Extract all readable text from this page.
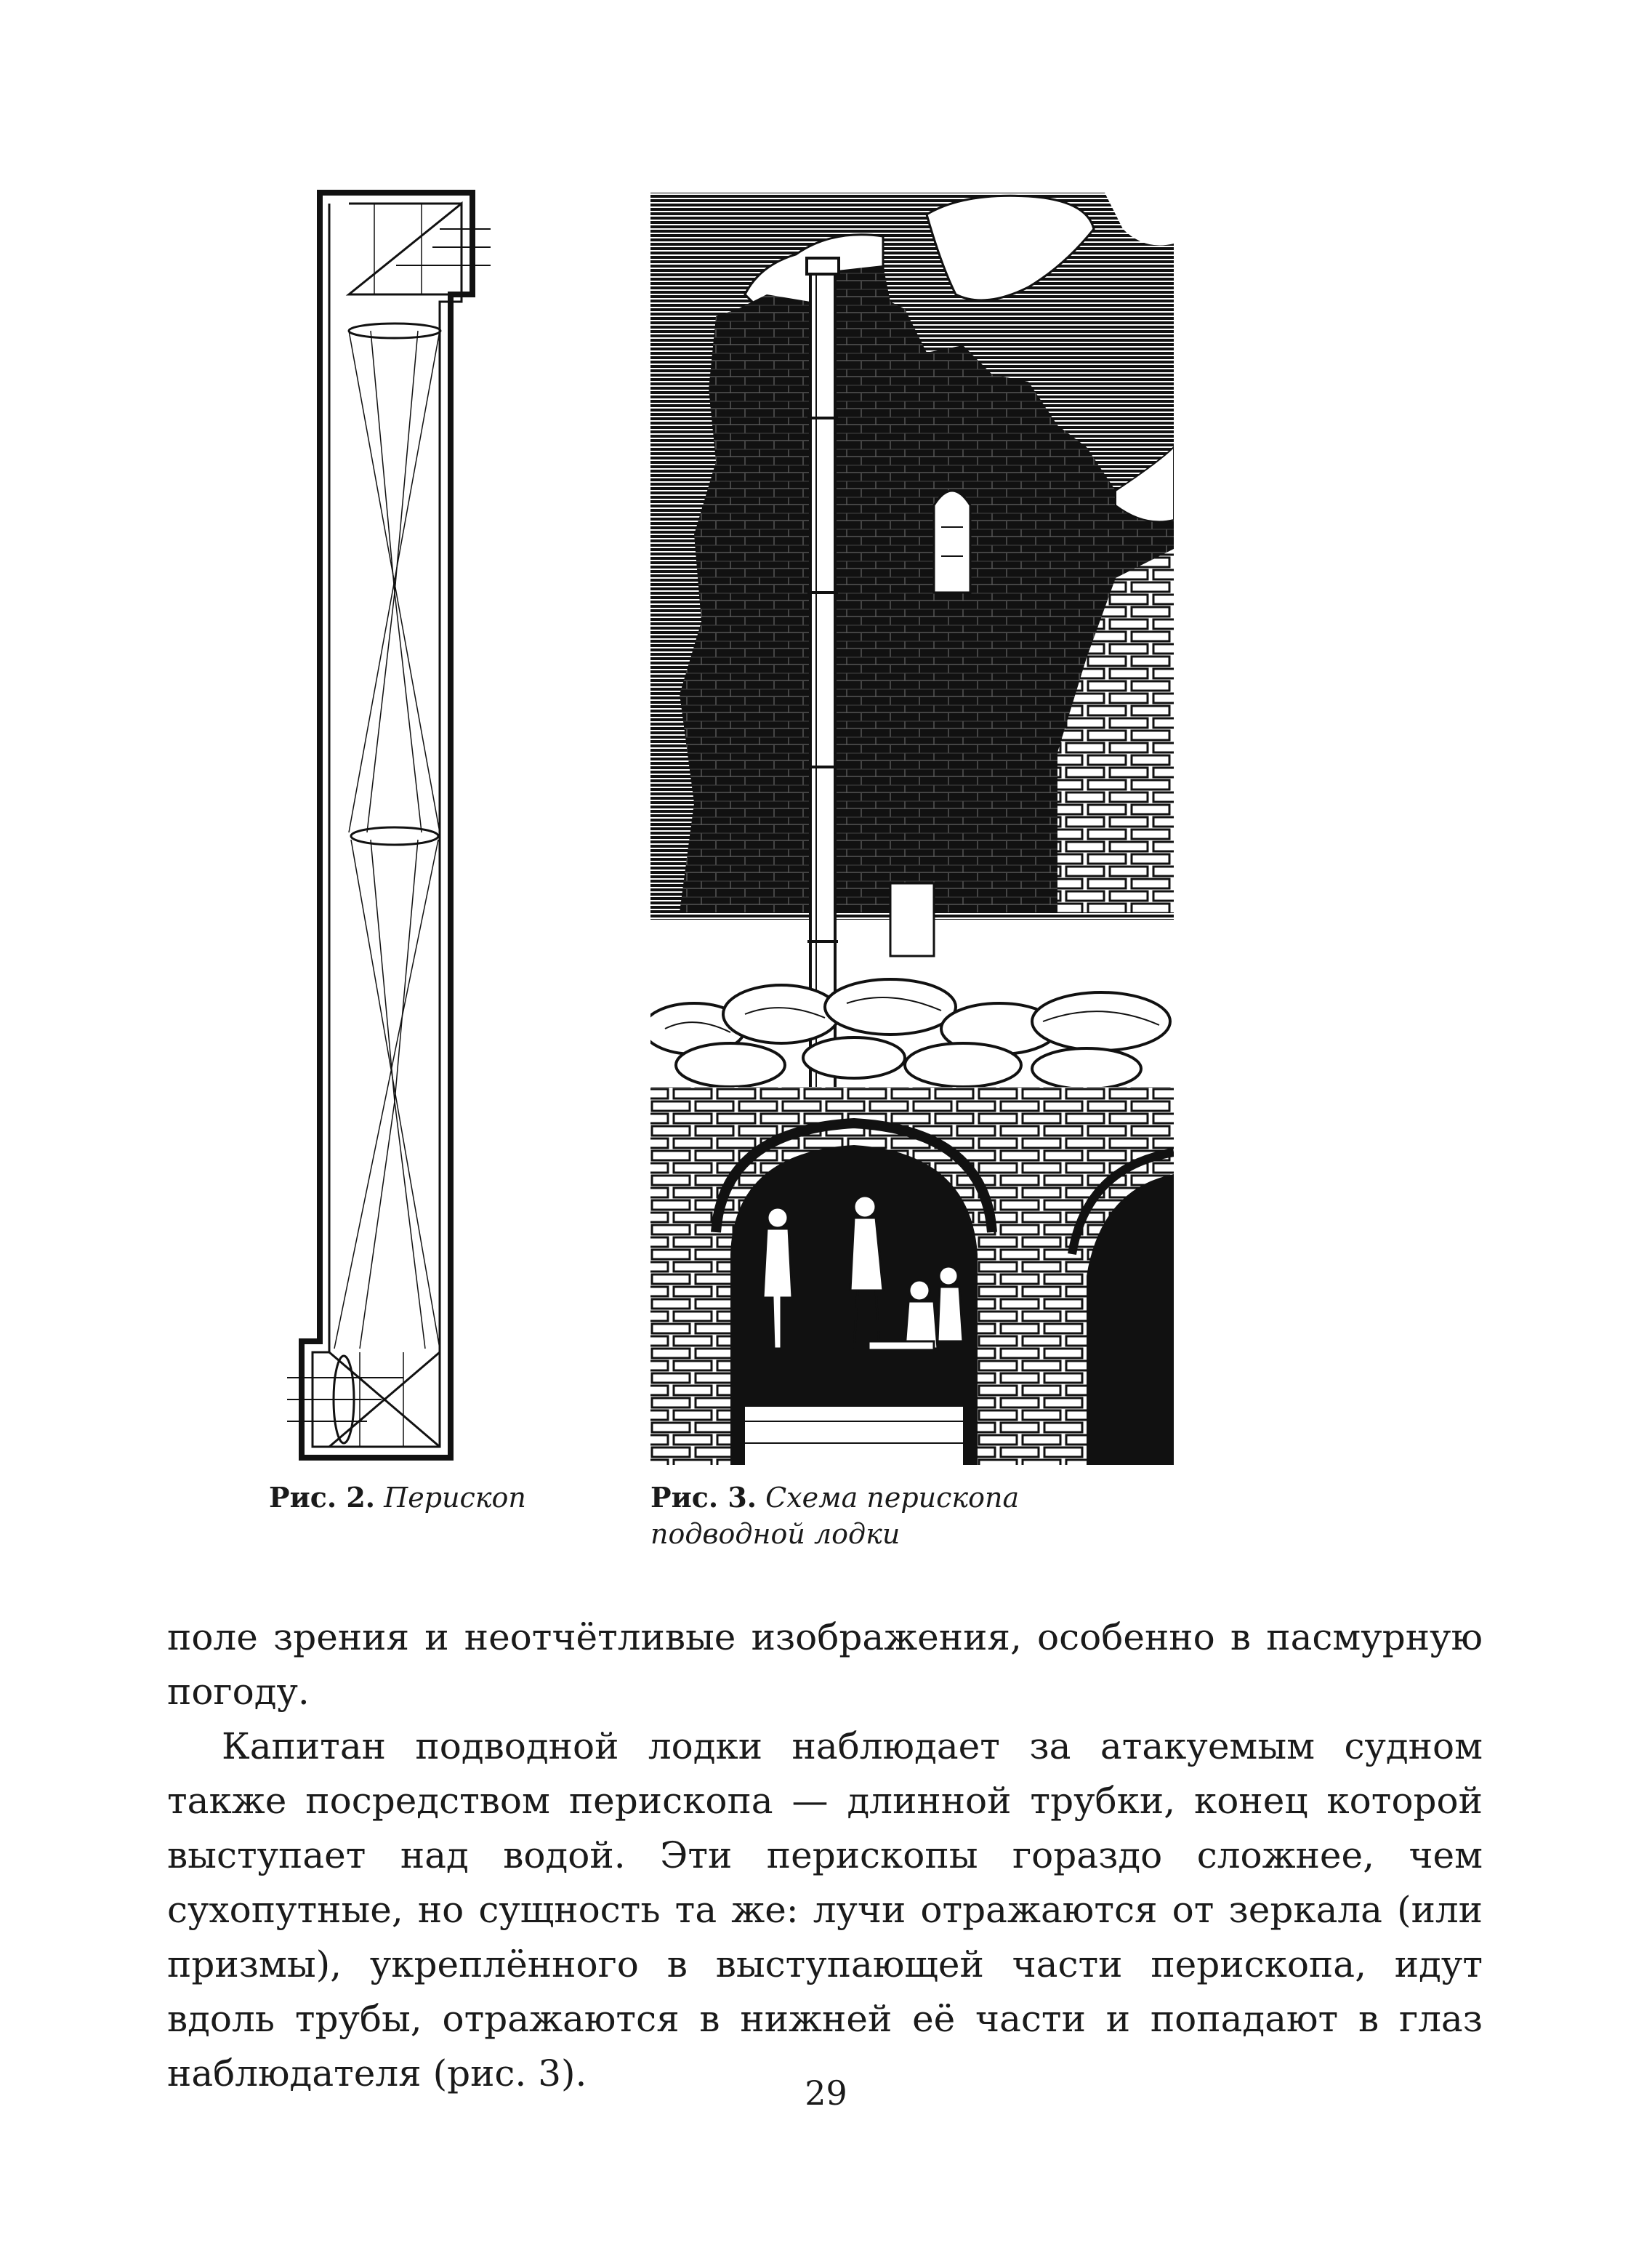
Рис. 2. Перископ	Рис. 3. Схема перископа подводной лодки

поле зрения и неотчётливые изображения, особенно в пасмурную погоду.

Капитан подводной лодки наблюдает за атакуемым судном также посредством перископа — длинной трубки, конец которой выступает над водой. Эти перископы гораздо сложнее, чем сухопутные, но сущность та же: лучи отражаются от зеркала (или призмы), укреплённого в выступающей части перископа, идут вдоль трубы, отражаются в нижней её части и попадают в глаз наблюдателя (рис. 3).	29
